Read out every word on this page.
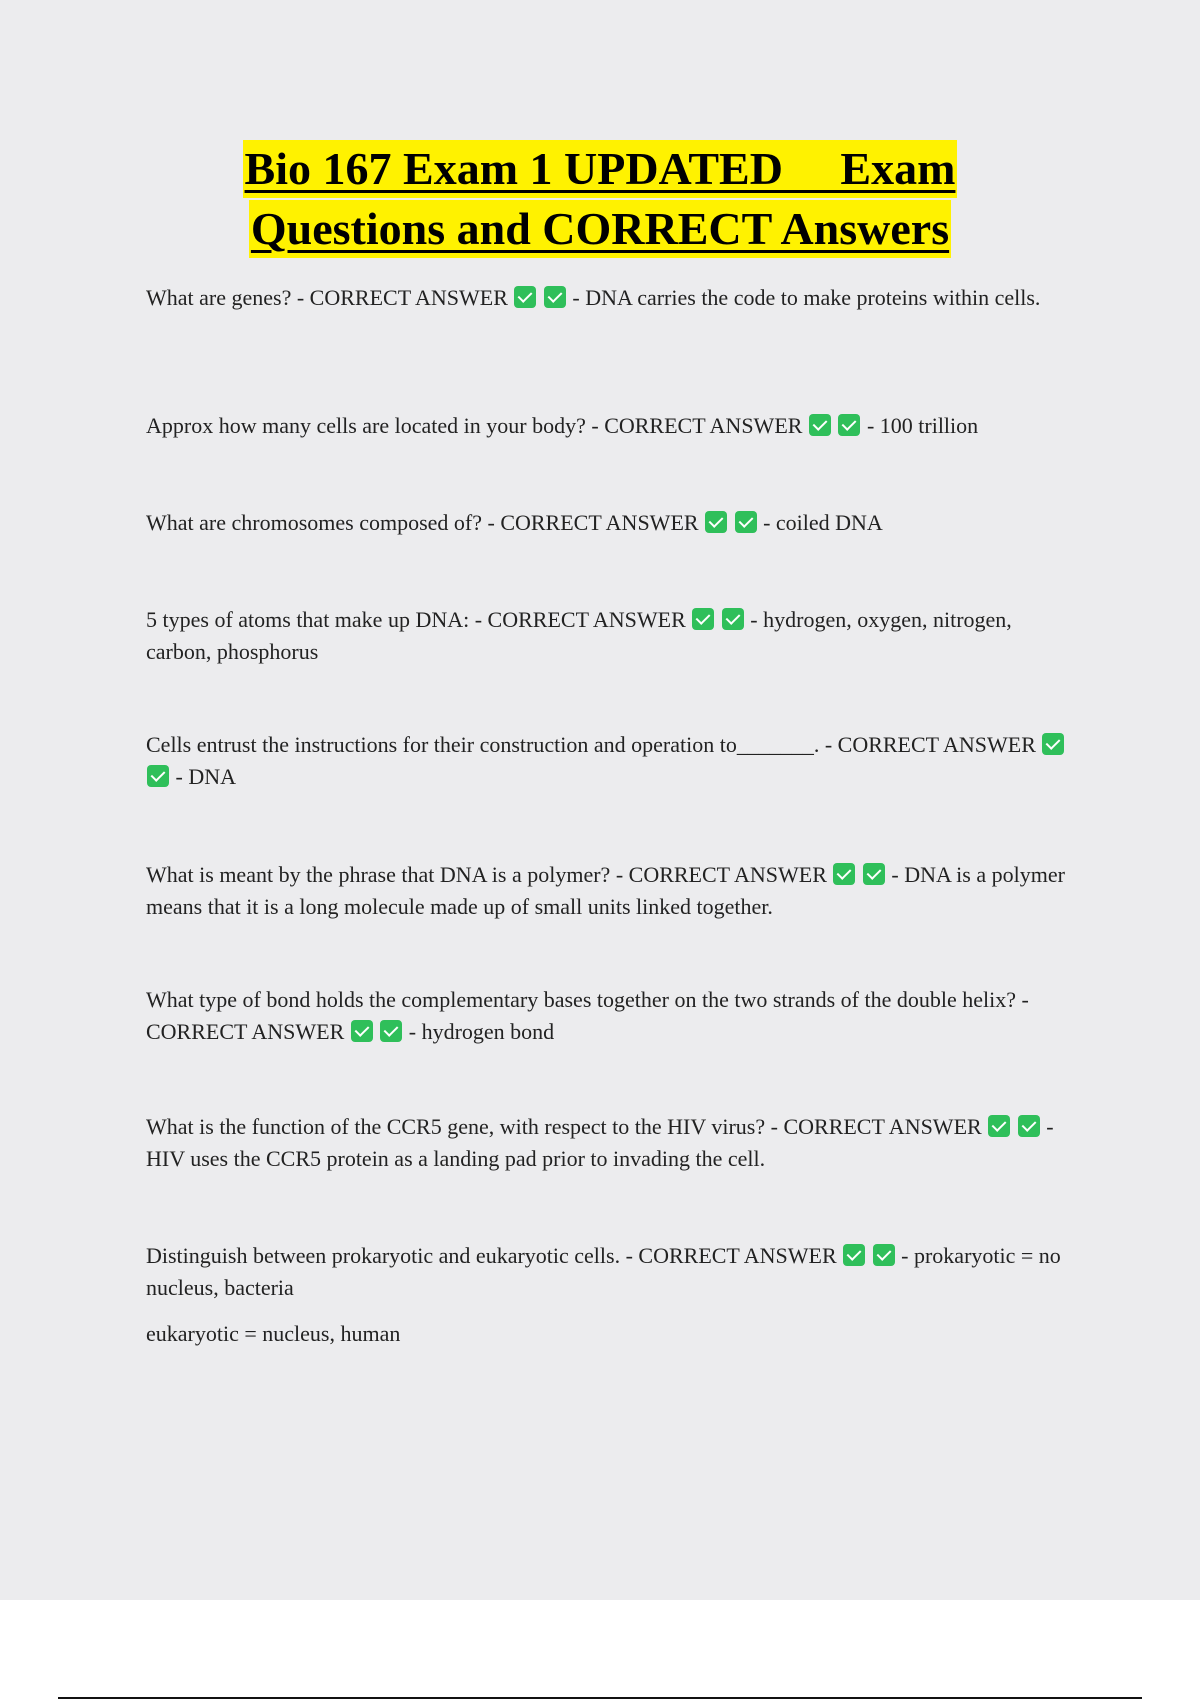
Bio 167 Exam 1 UPDATED     Exam
Questions and CORRECT Answers
What are genes? - CORRECT ANSWER	- DNA carries the code to make proteins within cells.
Approx how many cells are located in your body? - CORRECT ANSWER	- 100 trillion
What are chromosomes composed of? - CORRECT ANSWER	- coiled DNA
5 types of atoms that make up DNA: - CORRECT ANSWER	- hydrogen, oxygen, nitrogen, carbon, phosphorus
Cells entrust the instructions for their construction and operation to_______. - CORRECT ANSWER   - DNA
What is meant by the phrase that DNA is a polymer? - CORRECT ANSWER	- DNA is a polymer means that it is a long molecule made up of small units linked together.
What type of bond holds the complementary bases together on the two strands of the double helix? - CORRECT ANSWER	- hydrogen bond
What is the function of the CCR5 gene, with respect to the HIV virus? - CORRECT ANSWER	- HIV uses the CCR5 protein as a landing pad prior to invading the cell.
Distinguish between prokaryotic and eukaryotic cells. - CORRECT ANSWER	- prokaryotic = no nucleus, bacteria
eukaryotic = nucleus, human
